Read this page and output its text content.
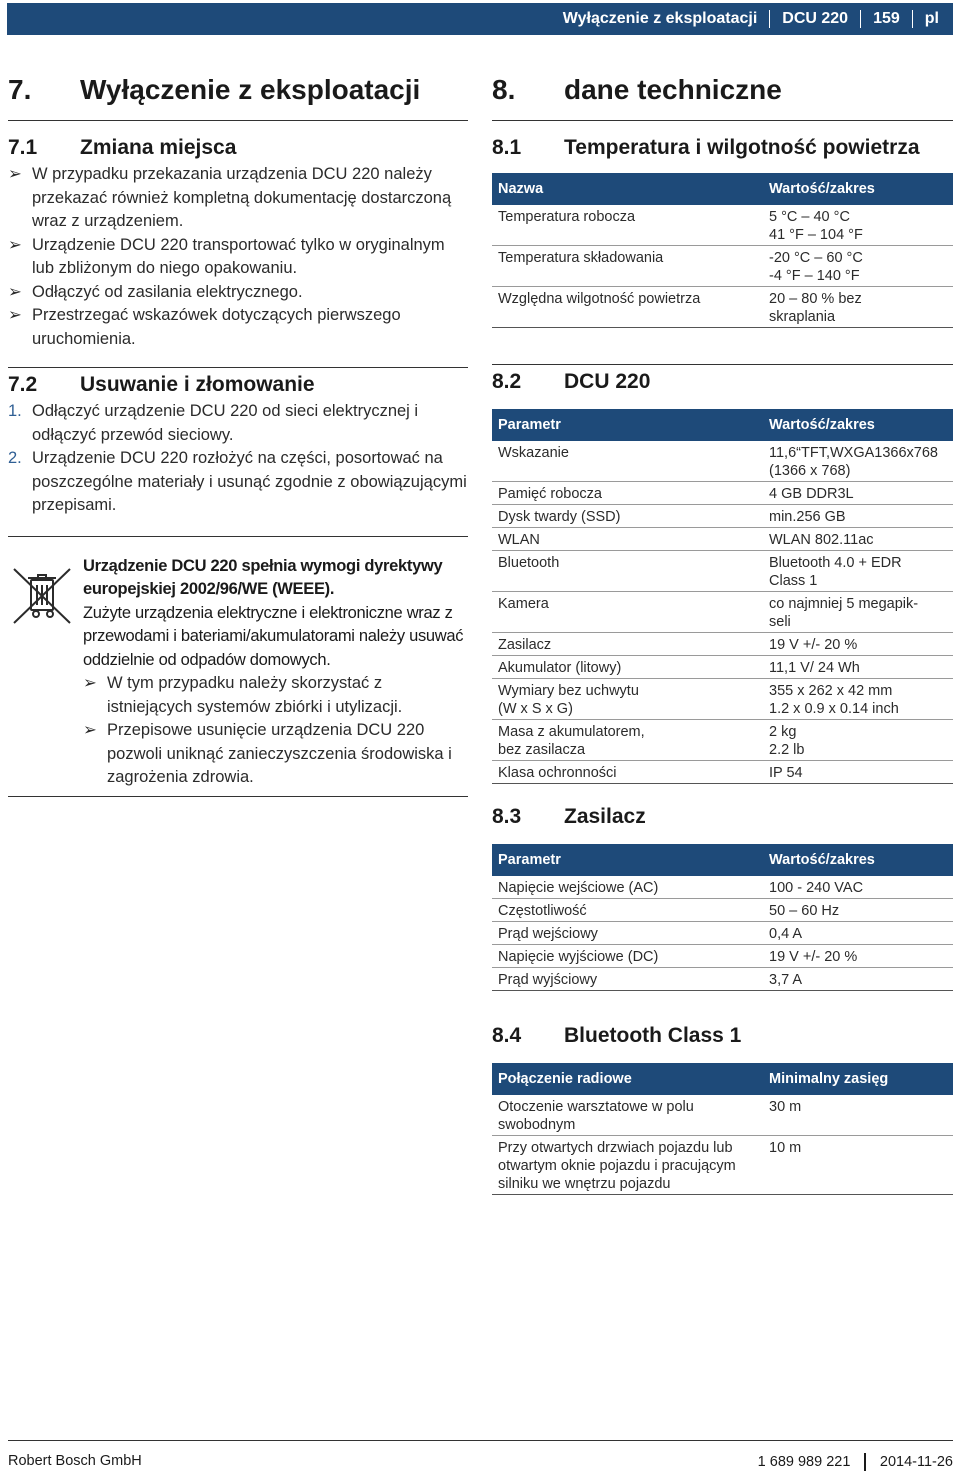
Wyłączenie z eksploatacji DCU 220 159 pl
7.	Wyłączenie z eksploatacji
7.1	Zmiana miejsca
➢ W przypadku przekazania urządzenia DCU 220 należy przekazać również kompletną dokumentację dostarczoną wraz z urządzeniem.
➢ Urządzenie DCU 220 transportować tylko w oryginalnym lub zbliżonym do niego opakowaniu.
➢ Odłączyć od zasilania elektrycznego.
➢ Przestrzegać wskazówek dotyczących pierwszego uruchomienia.
7.2	Usuwanie i złomowanie
1. Odłączyć urządzenie DCU 220 od sieci elektrycznej i odłączyć przewód sieciowy.
2. Urządzenie DCU 220 rozłożyć na części, posortować na poszczególne materiały i usunąć zgodnie z obowiązującymi przepisami.
Urządzenie DCU 220 spełnia wymogi dyrektywy europejskiej 2002/96/WE (WEEE).
Zużyte urządzenia elektryczne i elektroniczne wraz z przewodami i bateriami/akumulatorami należy usuwać oddzielnie od odpadów domowych.
➢ W tym przypadku należy skorzystać z istniejących systemów zbiórki i utylizacji.
➢ Przepisowe usunięcie urządzenia DCU 220 pozwoli uniknąć zanieczyszczenia środowiska i zagrożenia zdrowia.
8.	dane techniczne
8.1	Temperatura i wilgotność powietrza
Nazwa	Wartość/zakres
Temperatura robocza	5 °C – 40 °C
41 °F – 104 °F
Temperatura składowania	-20 °C – 60 °C
-4 °F – 140 °F
Względna wilgotność powietrza	20 – 80 % bez
skraplania
8.2	DCU 220
Parametr	Wartość/zakres
Wskazanie	11,6“TFT,WXGA1366x768
(1366 x 768)
Pamięć robocza	4 GB DDR3L
Dysk twardy (SSD)	min.256 GB
WLAN	WLAN 802.11ac
Bluetooth	Bluetooth 4.0 + EDR
Class 1
Kamera	co najmniej 5 megapik-
seli
Zasilacz	19 V +/- 20 %
Akumulator (litowy)	11,1 V/ 24 Wh
Wymiary bez uchwytu
(W x S x G)	355 x 262 x 42 mm
1.2 x 0.9 x 0.14 inch
Masa z akumulatorem,
bez zasilacza	2 kg
2.2 lb
Klasa ochronności	IP 54
8.3	Zasilacz
Parametr	Wartość/zakres
Napięcie wejściowe (AC)	100 - 240 VAC
Częstotliwość	50 – 60 Hz
Prąd wejściowy	0,4 A
Napięcie wyjściowe (DC)	19 V +/- 20 %
Prąd wyjściowy	3,7 A
8.4	Bluetooth Class 1
Połączenie radiowe	Minimalny zasięg
Otoczenie warsztatowe w polu swobodnym	30 m
Przy otwartych drzwiach pojazdu lub otwartym oknie pojazdu i pracującym silniku we wnętrzu pojazdu	10 m
Robert Bosch GmbH	1 689 989 221 2014-11-26
